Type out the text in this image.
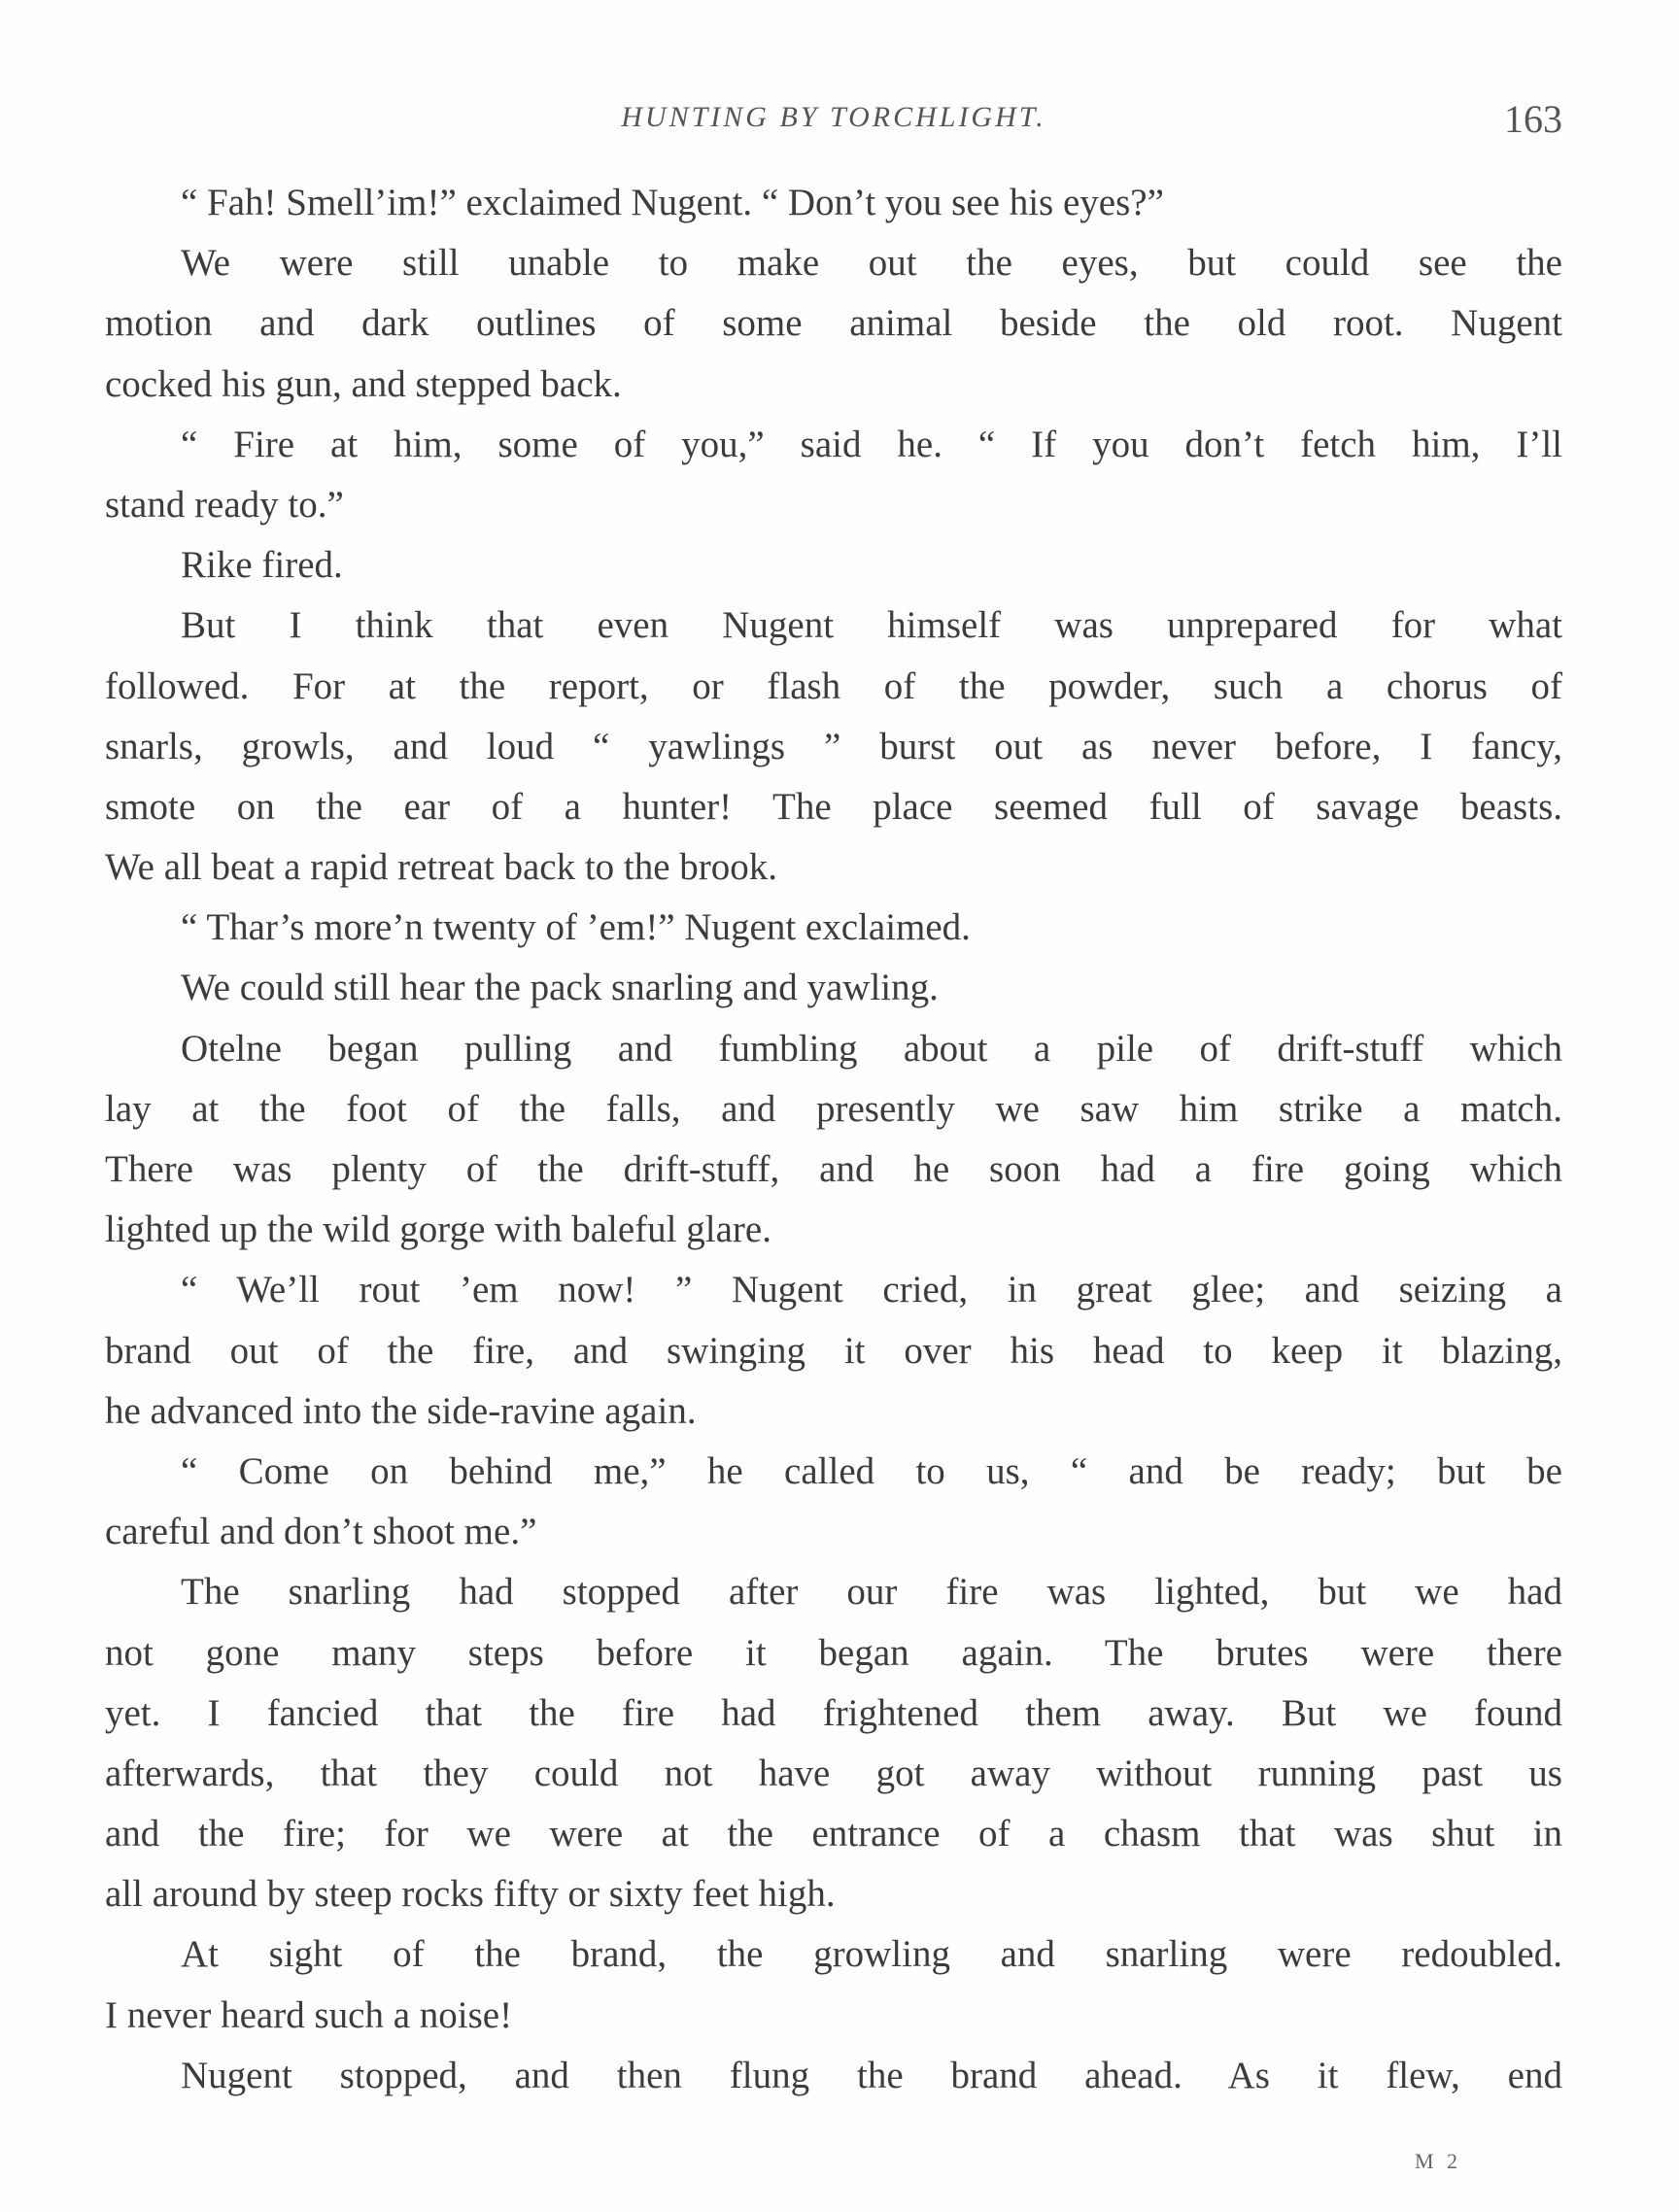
HUNTING BY TORCHLIGHT.	163
“ Fah! Smell’im!” exclaimed Nugent. “ Don’t you see his eyes?”
We were still unable to make out the eyes, but could see the
motion and dark outlines of some animal beside the old root. Nugent
cocked his gun, and stepped back.
“ Fire at him, some of you,” said he. “ If you don’t fetch him, I’ll
stand ready to.”
Rike fired.
But I think that even Nugent himself was unprepared for what
followed. For at the report, or flash of the powder, such a chorus of
snarls, growls, and loud “ yawlings ” burst out as never before, I fancy,
smote on the ear of a hunter! The place seemed full of savage beasts.
We all beat a rapid retreat back to the brook.
“ Thar’s more’n twenty of ’em!” Nugent exclaimed.
We could still hear the pack snarling and yawling.
Otelne began pulling and fumbling about a pile of drift-stuff which
lay at the foot of the falls, and presently we saw him strike a match.
There was plenty of the drift-stuff, and he soon had a fire going which
lighted up the wild gorge with baleful glare.
“ We’ll rout ’em now! ” Nugent cried, in great glee; and seizing a
brand out of the fire, and swinging it over his head to keep it blazing,
he advanced into the side-ravine again.
“ Come on behind me,” he called to us, “ and be ready; but be
careful and don’t shoot me.”
The snarling had stopped after our fire was lighted, but we had
not gone many steps before it began again. The brutes were there
yet. I fancied that the fire had frightened them away. But we found
afterwards, that they could not have got away without running past us
and the fire; for we were at the entrance of a chasm that was shut in
all around by steep rocks fifty or sixty feet high.
At sight of the brand, the growling and snarling were redoubled.
I never heard such a noise!
Nugent stopped, and then flung the brand ahead. As it flew, end
M 2
